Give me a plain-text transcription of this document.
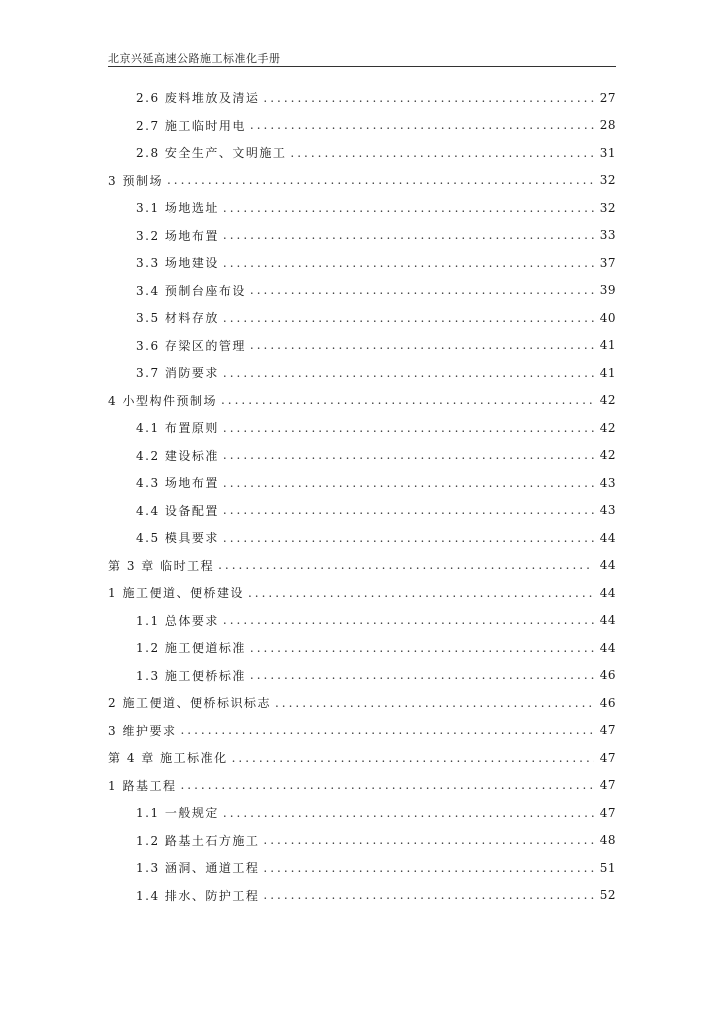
北京兴延高速公路施工标准化手册
2.6 废料堆放及清运 .....	27
2.7 施工临时用电 .....	28
2.8 安全生产、文明施工 .....	31
3 预制场 .....	32
3.1 场地选址 .....	32
3.2 场地布置 .....	33
3.3 场地建设 .....	37
3.4 预制台座布设 .....	39
3.5 材料存放 .....	40
3.6 存梁区的管理 .....	41
3.7 消防要求 .....	41
4 小型构件预制场 .....	42
4.1 布置原则 .....	42
4.2 建设标准 .....	42
4.3 场地布置 .....	43
4.4 设备配置 .....	43
4.5 模具要求 .....	44
第 3 章 临时工程 .....	44
1 施工便道、便桥建设 .....	44
1.1 总体要求 .....	44
1.2 施工便道标准 .....	44
1.3 施工便桥标准 .....	46
2 施工便道、便桥标识标志 .....	46
3 维护要求 .....	47
第 4 章 施工标准化 .....	47
1 路基工程 .....	47
1.1 一般规定 .....	47
1.2 路基土石方施工 .....	48
1.3 涵洞、通道工程 .....	51
1.4 排水、防护工程 .....	52
